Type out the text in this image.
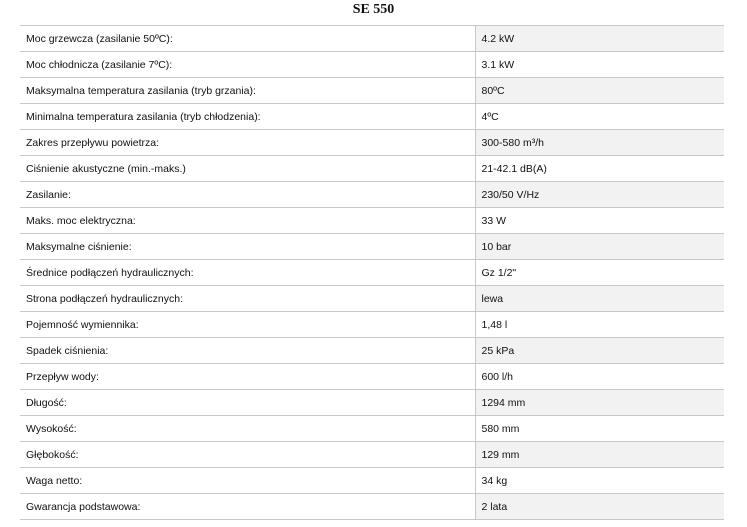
SE 550
Moc grzewcza (zasilanie 50ºC):	4.2 kW
Moc chłodnicza (zasilanie 7ºC):	3.1 kW
Maksymalna temperatura zasilania (tryb grzania):	80ºC
Minimalna temperatura zasilania (tryb chłodzenia):	4ºC
Zakres przepływu powietrza:	300-580 m³/h
Ciśnienie akustyczne (min.-maks.)	21-42.1 dB(A)
Zasilanie:	230/50 V/Hz
Maks. moc elektryczna:	33 W
Maksymalne ciśnienie:	10 bar
Średnice podłączeń hydraulicznych:	Gz 1/2"
Strona podłączeń hydraulicznych:	lewa
Pojemność wymiennika:	1,48 l
Spadek ciśnienia:	25 kPa
Przepływ wody:	600 l/h
Długość:	1294 mm
Wysokość:	580 mm
Głębokość:	129 mm
Waga netto:	34 kg
Gwarancja podstawowa:	2 lata
